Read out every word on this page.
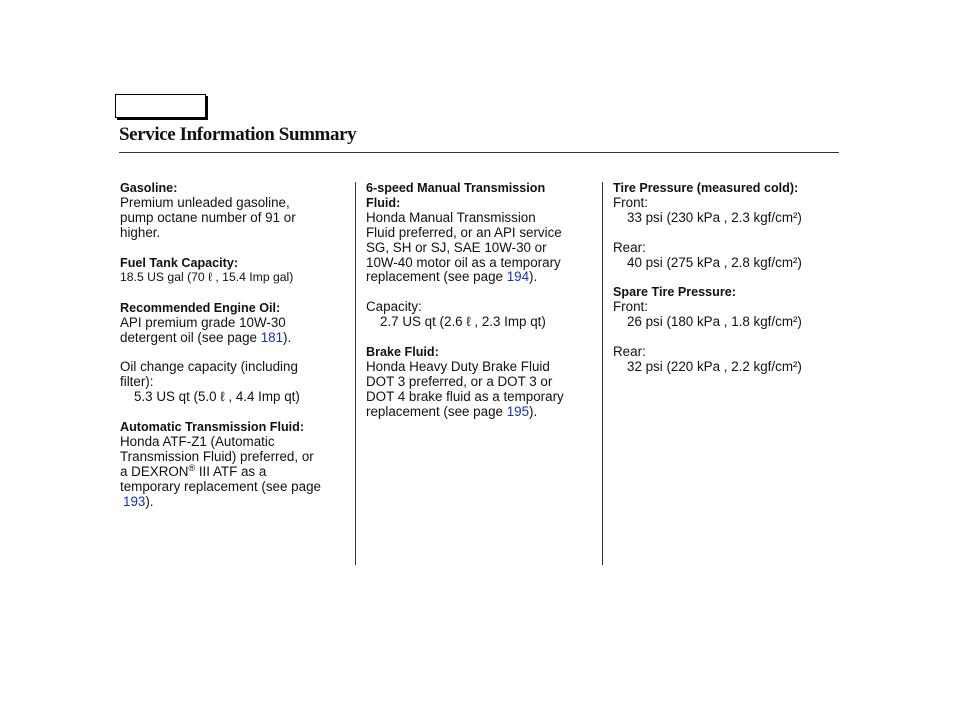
Service Information Summary
Gasoline:
Premium unleaded gasoline,
pump octane number of 91 or
higher.
Fuel Tank Capacity:
18.5 US gal (70 ℓ , 15.4 Imp gal)
Recommended Engine Oil:
API premium grade 10W-30
detergent oil (see page 181).
Oil change capacity (including
filter):
5.3 US qt (5.0 ℓ , 4.4 Imp qt)
Automatic Transmission Fluid:
Honda ATF-Z1 (Automatic
Transmission Fluid) preferred, or
a DEXRON® III ATF as a
temporary replacement (see page
193).
6-speed Manual Transmission
Fluid:
Honda Manual Transmission
Fluid preferred, or an API service
SG, SH or SJ, SAE 10W-30 or
10W-40 motor oil as a temporary
replacement (see page 194).
Capacity:
2.7 US qt (2.6 ℓ , 2.3 Imp qt)
Brake Fluid:
Honda Heavy Duty Brake Fluid
DOT 3 preferred, or a DOT 3 or
DOT 4 brake fluid as a temporary
replacement (see page 195).
Tire Pressure (measured cold):
Front:
33 psi (230 kPa , 2.3 kgf/cm²)
Rear:
40 psi (275 kPa , 2.8 kgf/cm²)
Spare Tire Pressure:
Front:
26 psi (180 kPa , 1.8 kgf/cm²)
Rear:
32 psi (220 kPa , 2.2 kgf/cm²)
